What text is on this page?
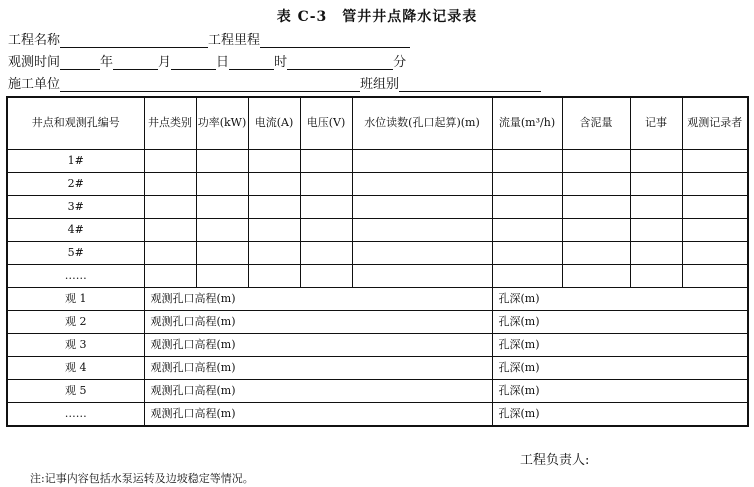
表 C-3　管井井点降水记录表
工程名称	工程里程
观测时间	年	月	日	时	分
施工单位	班组别
井点和观测孔编号	井点类别	功率(kW)	电流(A)	电压(V)	水位读数(孔口起算)(m)	流量(m³/h)	含泥量	记事	观测记录者
1#									
2#									
3#									
4#									
5#									
……									
观 1	观测孔口高程(m)					孔深(m)			
观 2	观测孔口高程(m)					孔深(m)			
观 3	观测孔口高程(m)					孔深(m)			
观 4	观测孔口高程(m)					孔深(m)			
观 5	观测孔口高程(m)					孔深(m)			
……	观测孔口高程(m)					孔深(m)			
工程负责人:
注:记事内容包括水泵运转及边坡稳定等情况。
